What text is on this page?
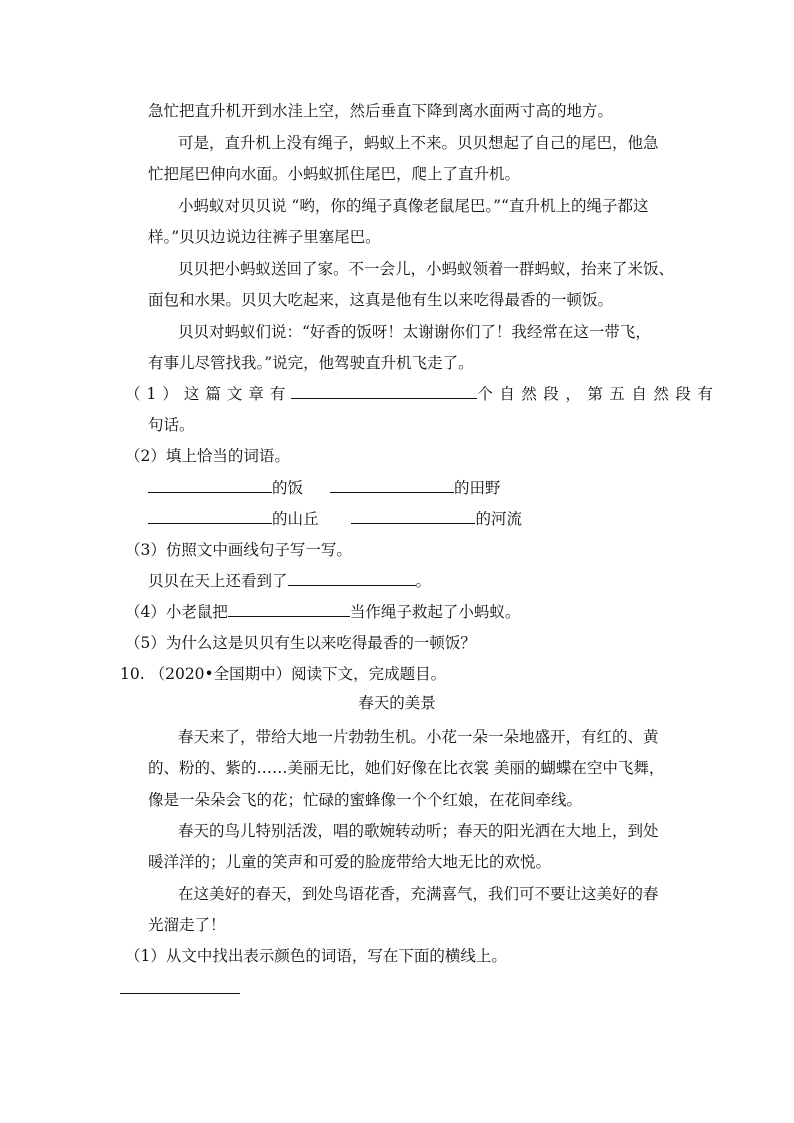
急忙把直升机开到水洼上空，然后垂直下降到离水面两寸高的地方。
可是，直升机上没有绳子，蚂蚁上不来。贝贝想起了自己的尾巴，他急
忙把尾巴伸向水面。小蚂蚁抓住尾巴，爬上了直升机。
小蚂蚁对贝贝说 “哟，你的绳子真像老鼠尾巴。”“直升机上的绳子都这
样。”贝贝边说边往裤子里塞尾巴。
贝贝把小蚂蚁送回了家。不一会儿，小蚂蚁领着一群蚂蚁，抬来了米饭、
面包和水果。贝贝大吃起来，这真是他有生以来吃得最香的一顿饭。
贝贝对蚂蚁们说：“好香的饭呀！太谢谢你们了！我经常在这一带飞，
有事儿尽管找我。”说完，他驾驶直升机飞走了。
（1）这篇文章有	个自然段，第五自然段有
句话。
（2）填上恰当的词语。
的饭	的田野
的山丘	的河流
（3）仿照文中画线句子写一写。
贝贝在天上还看到了	。
（4）小老鼠把	当作绳子救起了小蚂蚁。
（5）为什么这是贝贝有生以来吃得最香的一顿饭？
10. （2020•全国期中）阅读下文，完成题目。
春天的美景
春天来了，带给大地一片勃勃生机。小花一朵一朵地盛开，有红的、黄
的、粉的、紫的……美丽无比，她们好像在比衣裳 美丽的蝴蝶在空中飞舞，
像是一朵朵会飞的花；忙碌的蜜蜂像一个个红娘，在花间牵线。
春天的鸟儿特别活泼，唱的歌婉转动听；春天的阳光洒在大地上，到处
暖洋洋的；儿童的笑声和可爱的脸庞带给大地无比的欢悦。
在这美好的春天，到处鸟语花香，充满喜气，我们可不要让这美好的春
光溜走了！
（1）从文中找出表示颜色的词语，写在下面的横线上。
